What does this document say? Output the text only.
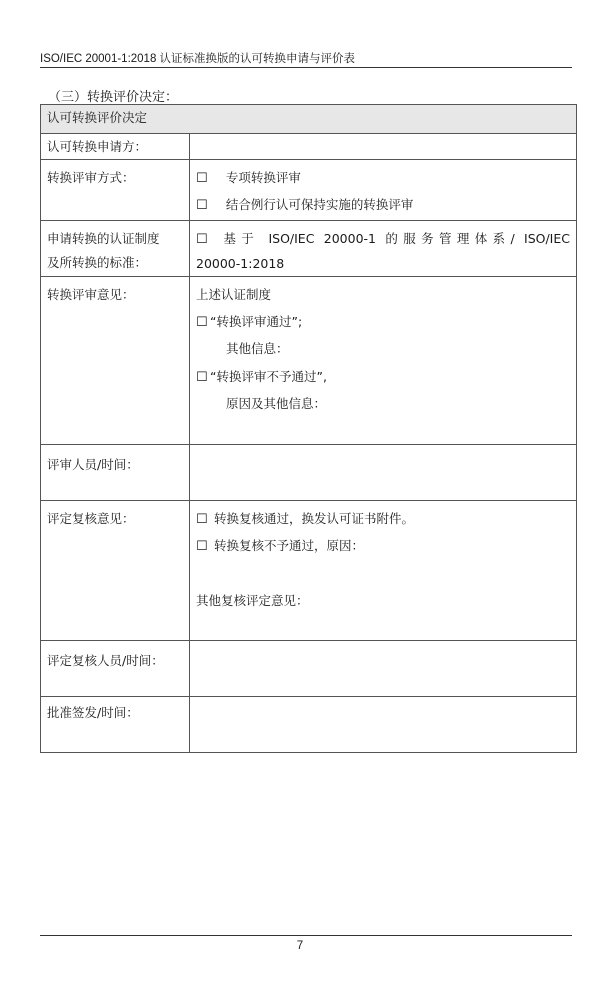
ISO/IEC 20001-1:2018 认证标准换版的认可转换申请与评价表
（三）转换评价决定：
认可转换评价决定	
认可转换申请方：	
转换评审方式：	☐ 专项转换评审
☐ 结合例行认可保持实施的转换评审

申请转换的认证制度
及所转换的标准：	☐ 基于 ISO/IEC 20000-1 的服务管理体系/ ISO/IEC
20000-1:2018

转换评审意见：	上述认证制度
☐ “转换评审通过”;
其他信息：
☐ “转换评审不予通过”,
原因及其他信息：

评审人员/时间：	
评定复核意见：	☐ 转换复核通过，换发认可证书附件。
☐ 转换复核不予通过，原因：
其他复核评定意见：

评定复核人员/时间：	
批准签发/时间：	
7
